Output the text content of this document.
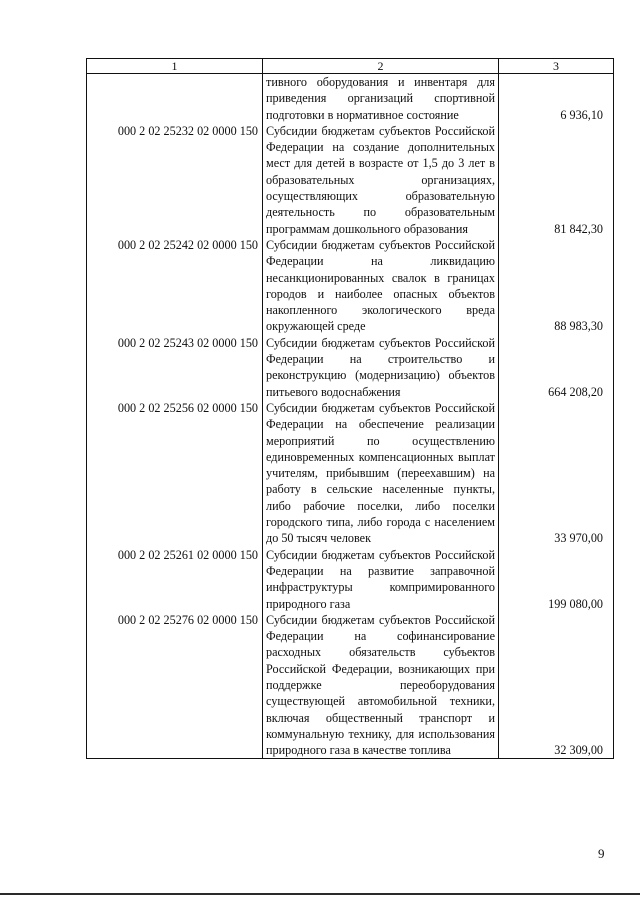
1	2	3
	тивного оборудования и инвентаря для приведения организаций спортивной подготовки в нормативное состояние	6 936,10
000 2 02 25232 02 0000 150	Субсидии бюджетам субъектов Российской Федерации на создание дополнительных мест для детей в возрасте от 1,5 до 3 лет в образовательных организациях, осуществляющих образовательную деятельность по образовательным программам дошкольного образования	81 842,30
000 2 02 25242 02 0000 150	Субсидии бюджетам субъектов Российской Федерации на ликвидацию несанкционированных свалок в границах городов и наиболее опасных объектов накопленного экологического вреда окружающей среде	88 983,30
000 2 02 25243 02 0000 150	Субсидии бюджетам субъектов Российской Федерации на строительство и реконструкцию (модернизацию) объектов питьевого водоснабжения	664 208,20
000 2 02 25256 02 0000 150	Субсидии бюджетам субъектов Российской Федерации на обеспечение реализации мероприятий по осуществлению единовременных компенсационных выплат учителям, прибывшим (переехавшим) на работу в сельские населенные пункты, либо рабочие поселки, либо поселки городского типа, либо города с населением до 50 тысяч человек	33 970,00
000 2 02 25261 02 0000 150	Субсидии бюджетам субъектов Российской Федерации на развитие заправочной инфраструктуры компримированного природного газа	199 080,00
000 2 02 25276 02 0000 150	Субсидии бюджетам субъектов Российской Федерации на софинансирование расходных обязательств субъектов Российской Федерации, возникающих при поддержке переоборудования существующей автомобильной техники, включая общественный транспорт и коммунальную технику, для использования природного газа в качестве топлива	32 309,00
9
